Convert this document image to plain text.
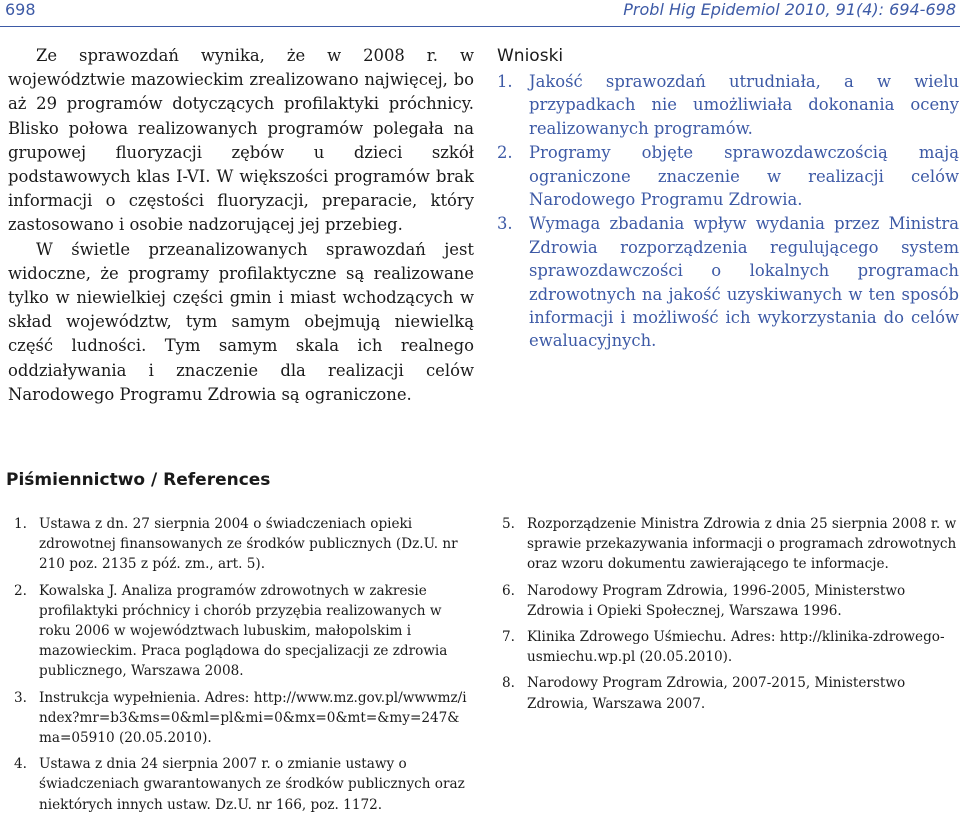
698	Probl Hig Epidemiol 2010, 91(4): 694-698

Ze sprawozdań wynika, że w 2008 r. w województwie mazowieckim zrealizowano najwięcej, bo aż 29 programów dotyczących profilaktyki próchnicy. Blisko połowa realizowanych programów polegała na grupowej fluoryzacji zębów u dzieci szkół podstawowych klas I-VI. W większości programów brak informacji o częstości fluoryzacji, preparacie, który zastosowano i osobie nadzorującej jej przebieg.

W świetle przeanalizowanych sprawozdań jest widoczne, że programy profilaktyczne są realizowane tylko w niewielkiej części gmin i miast wchodzących w skład województw, tym samym obejmują niewielką część ludności. Tym samym skala ich realnego oddziaływania i znaczenie dla realizacji celów Narodowego Programu Zdrowia są ograniczone.

Wnioski
1. Jakość sprawozdań utrudniała, a w wielu przypadkach nie umożliwiała dokonania oceny realizowanych programów.
2. Programy objęte sprawozdawczością mają ograniczone znaczenie w realizacji celów Narodowego Programu Zdrowia.
3. Wymaga zbadania wpływ wydania przez Ministra Zdrowia rozporządzenia regulującego system sprawozdawczości o lokalnych programach zdrowotnych na jakość uzyskiwanych w ten sposób informacji i możliwość ich wykorzystania do celów ewaluacyjnych.
Piśmiennictwo / References
1. Ustawa z dn. 27 sierpnia 2004 o świadczeniach opieki zdrowotnej finansowanych ze środków publicznych (Dz.U. nr 210 poz. 2135 z póź. zm., art. 5).
2. Kowalska J. Analiza programów zdrowotnych w zakresie profilaktyki próchnicy i chorób przyzębia realizowanych w roku 2006 w województwach lubuskim, małopolskim i mazowieckim. Praca poglądowa do specjalizacji ze zdrowia publicznego, Warszawa 2008.
3. Instrukcja wypełnienia. Adres: http://www.mz.gov.pl/wwwmz/index?mr=b3&ms=0&ml=pl&mi=0&mx=0&mt=&my=247&ma=05910 (20.05.2010).
4. Ustawa z dnia 24 sierpnia 2007 r. o zmianie ustawy o świadczeniach gwarantowanych ze środków publicznych oraz niektórych innych ustaw. Dz.U. nr 166, poz. 1172.
5. Rozporządzenie Ministra Zdrowia z dnia 25 sierpnia 2008 r. w sprawie przekazywania informacji o programach zdrowotnych oraz wzoru dokumentu zawierającego te informacje.
6. Narodowy Program Zdrowia, 1996-2005, Ministerstwo Zdrowia i Opieki Społecznej, Warszawa 1996.
7. Klinika Zdrowego Uśmiechu. Adres: http://klinika-zdrowego-usmiechu.wp.pl (20.05.2010).
8. Narodowy Program Zdrowia, 2007-2015, Ministerstwo Zdrowia, Warszawa 2007.
